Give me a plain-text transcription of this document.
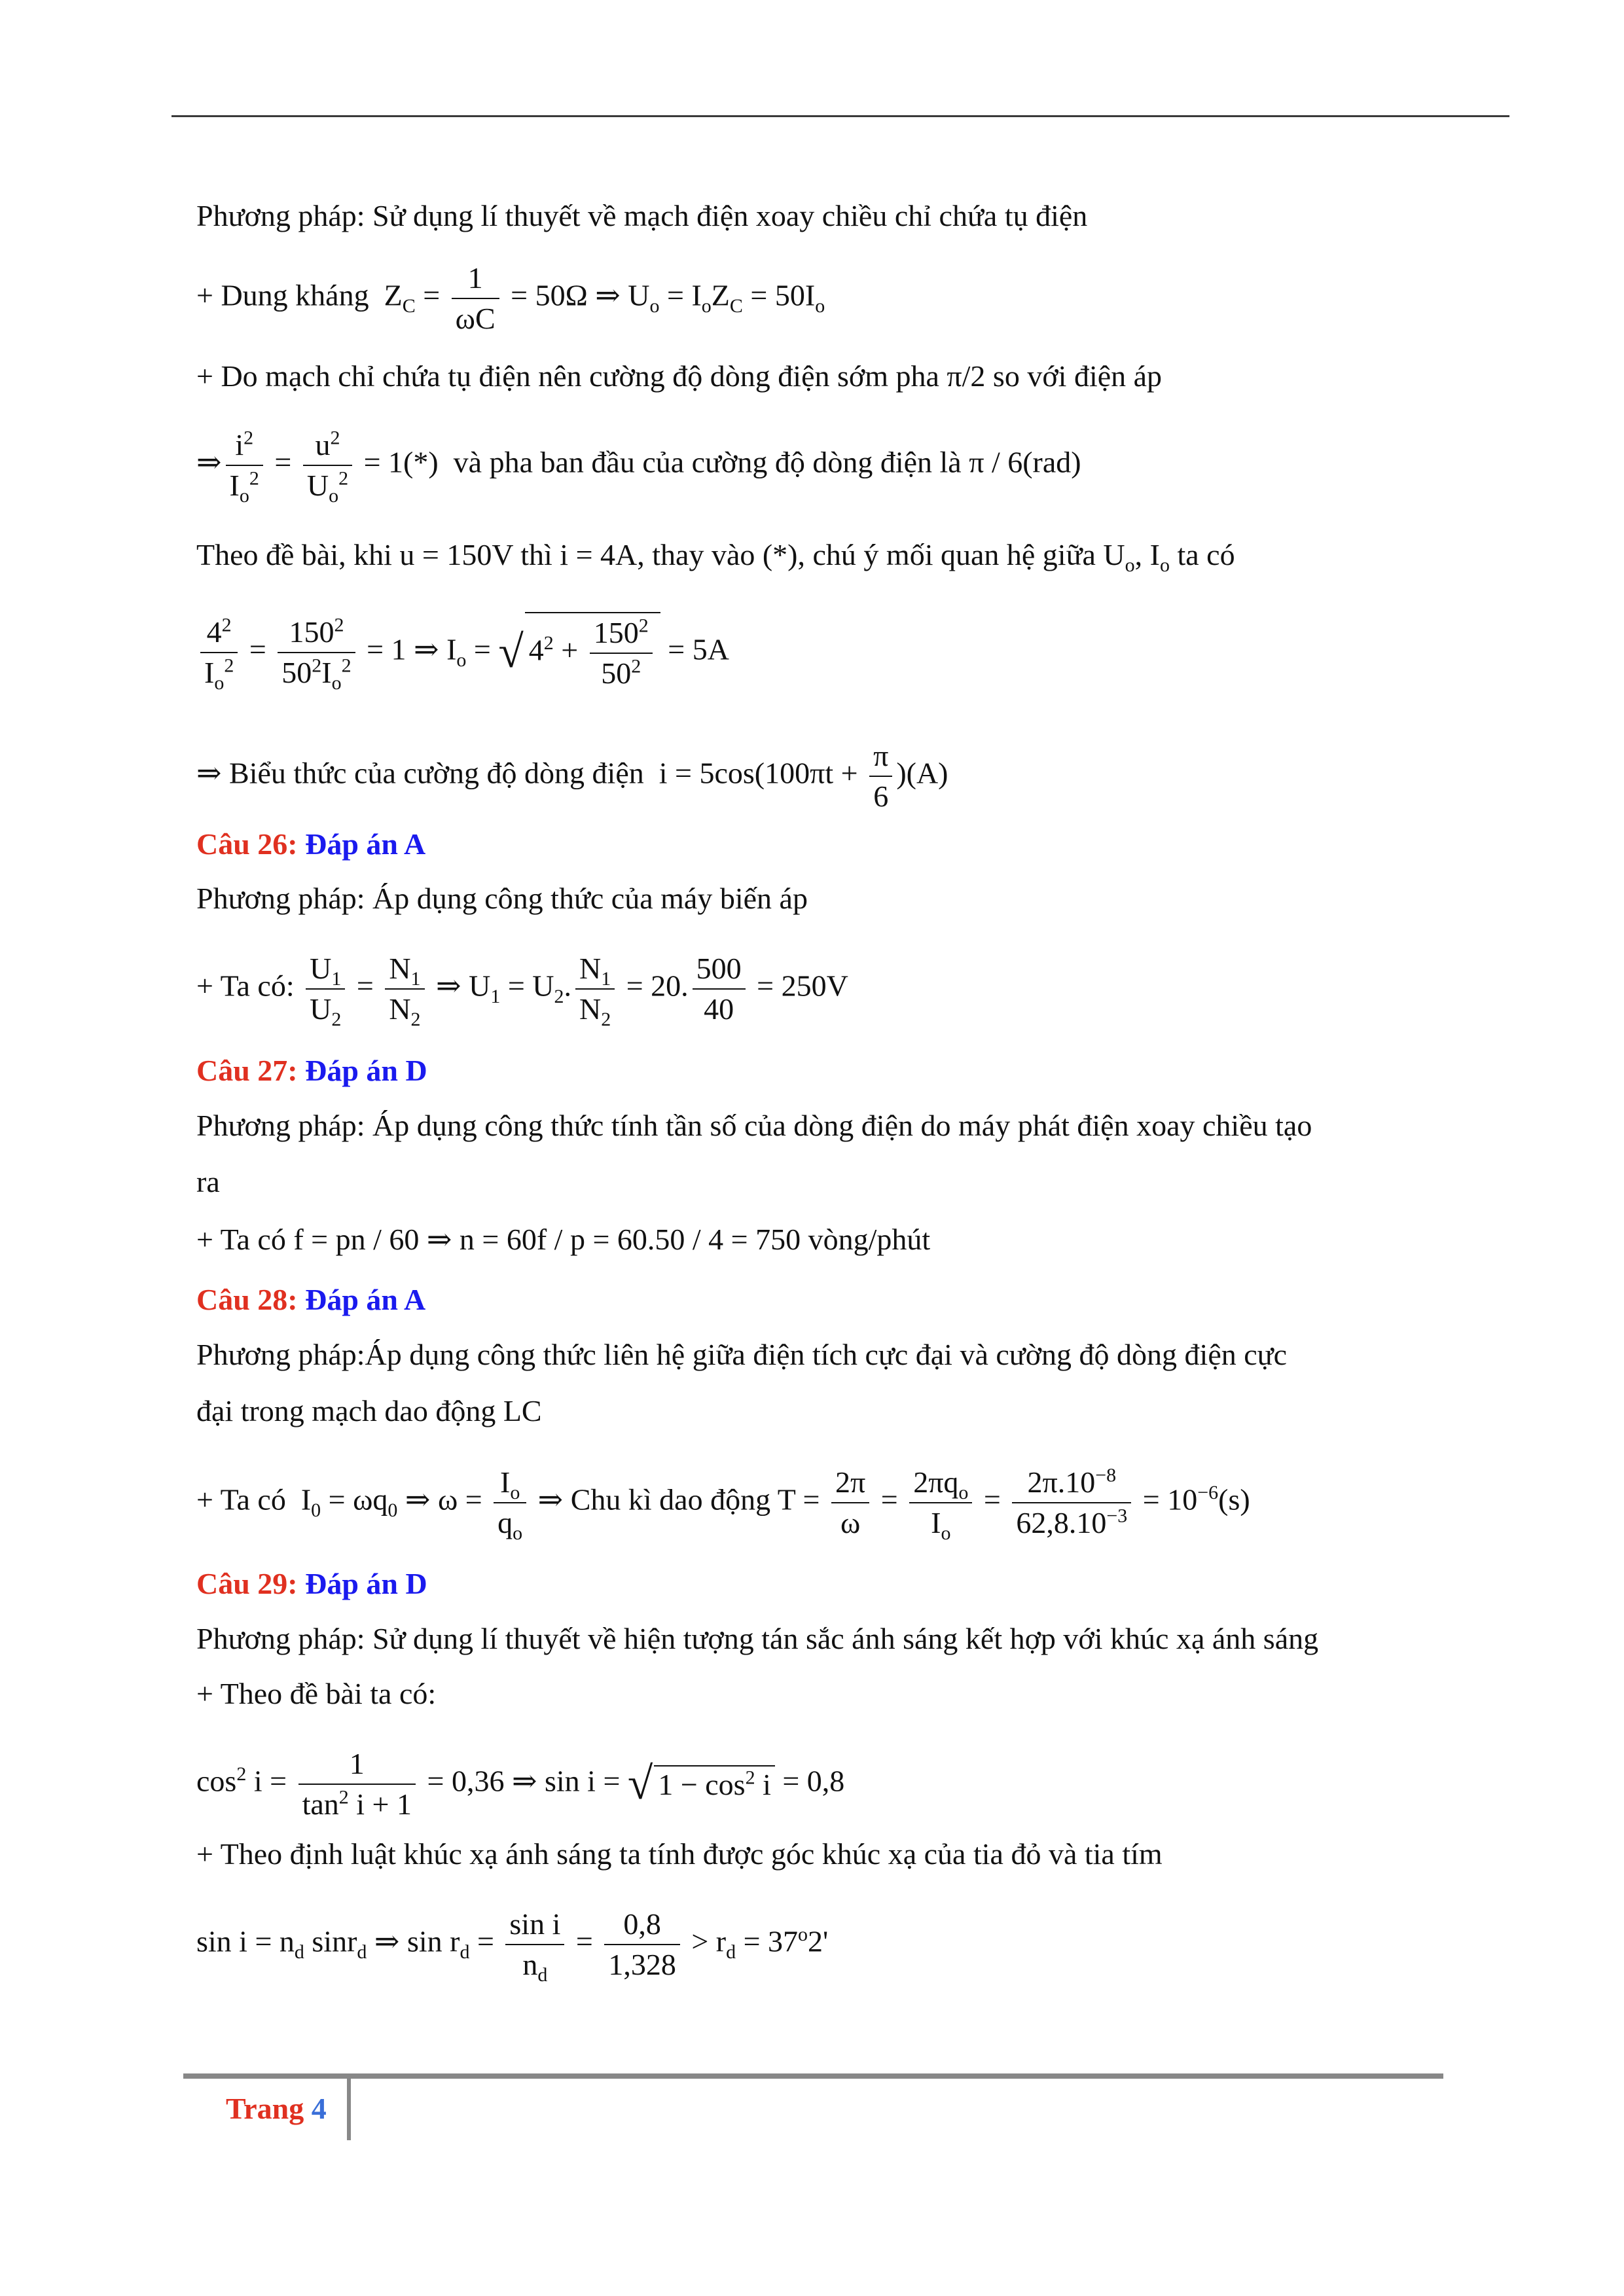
Phương pháp: Sử dụng lí thuyết về mạch điện xoay chiều chỉ chứa tụ điện
+ Dung kháng  $Z_C = \frac{1}{\omega C} = 50\Omega$ ⇒ $U_o = I_oZ_C = 50I_o$
+ Do mạch chỉ chứa tụ điện nên cường độ dòng điện sớm pha π/2 so với điện áp
⇒ $\frac{i^2}{I_o^2} = \frac{u^2}{U_o^2} = 1(*)$  và pha ban đầu của cường độ dòng điện là π / 6(rad)
Theo đề bài, khi u = 150V thì i = 4A, thay vào (*), chú ý mối quan hệ giữa $U_o$, $I_o$ ta có
$\frac{4^2}{I_o^2} = \frac{150^2}{50^2I_o^2} = 1$ ⇒ $I_o$ = √ $4^2 + \frac{150^2}{50^2} = 5A$
⇒ Biểu thức của cường độ dòng điện  $i = 5\cos(100\pi t + \frac{\pi}{6} )(A)$
Câu 26: Đáp án A
Phương pháp: Áp dụng công thức của máy biến áp
+ Ta có: $\frac{U_1}{U_2} = \frac{N_1}{N_2}$ ⇒ $U_1 = U_2$. $\frac{N_1}{N_2} = 20$. $\frac{500}{40} = 250V$
Câu 27: Đáp án D
Phương pháp: Áp dụng công thức tính tần số của dòng điện do máy phát điện xoay chiều tạo
ra
+ Ta có f = pn / 60 ⇒ n = 60f / p = 60.50 / 4 = 750 vòng/phút
Câu 28: Đáp án A
Phương pháp:Áp dụng công thức liên hệ giữa điện tích cực đại và cường độ dòng điện cực
đại trong mạch dao động LC
+ Ta có  $I_0 = \omega q_0$ ⇒ $\omega = \frac{I_o}{q_o}$ ⇒ Chu kì dao động $T = \frac{2\pi}{\omega} = \frac{2\pi q_o}{I_o} = \frac{2\pi.10^{-8}}{62,8.10^{-3}} = 10^{-6}(s)$
Câu 29: Đáp án D
Phương pháp: Sử dụng lí thuyết về hiện tượng tán sắc ánh sáng kết hợp với khúc xạ ánh sáng
+ Theo đề bài ta có:
$\cos^2 i = \frac{1}{\tan^2 i + 1} = 0,36$ ⇒ sin i = √ $1 - \cos^2 i = 0,8$
+ Theo định luật khúc xạ ánh sáng ta tính được góc khúc xạ của tia đỏ và tia tím
$\sin i = n_d$ sinr$_d$ ⇒ $\sin r_d = \frac{\text{sin i}}{n_d} = \frac{0,8}{1,328} > r_d = 37^o2'$
Trang 4
